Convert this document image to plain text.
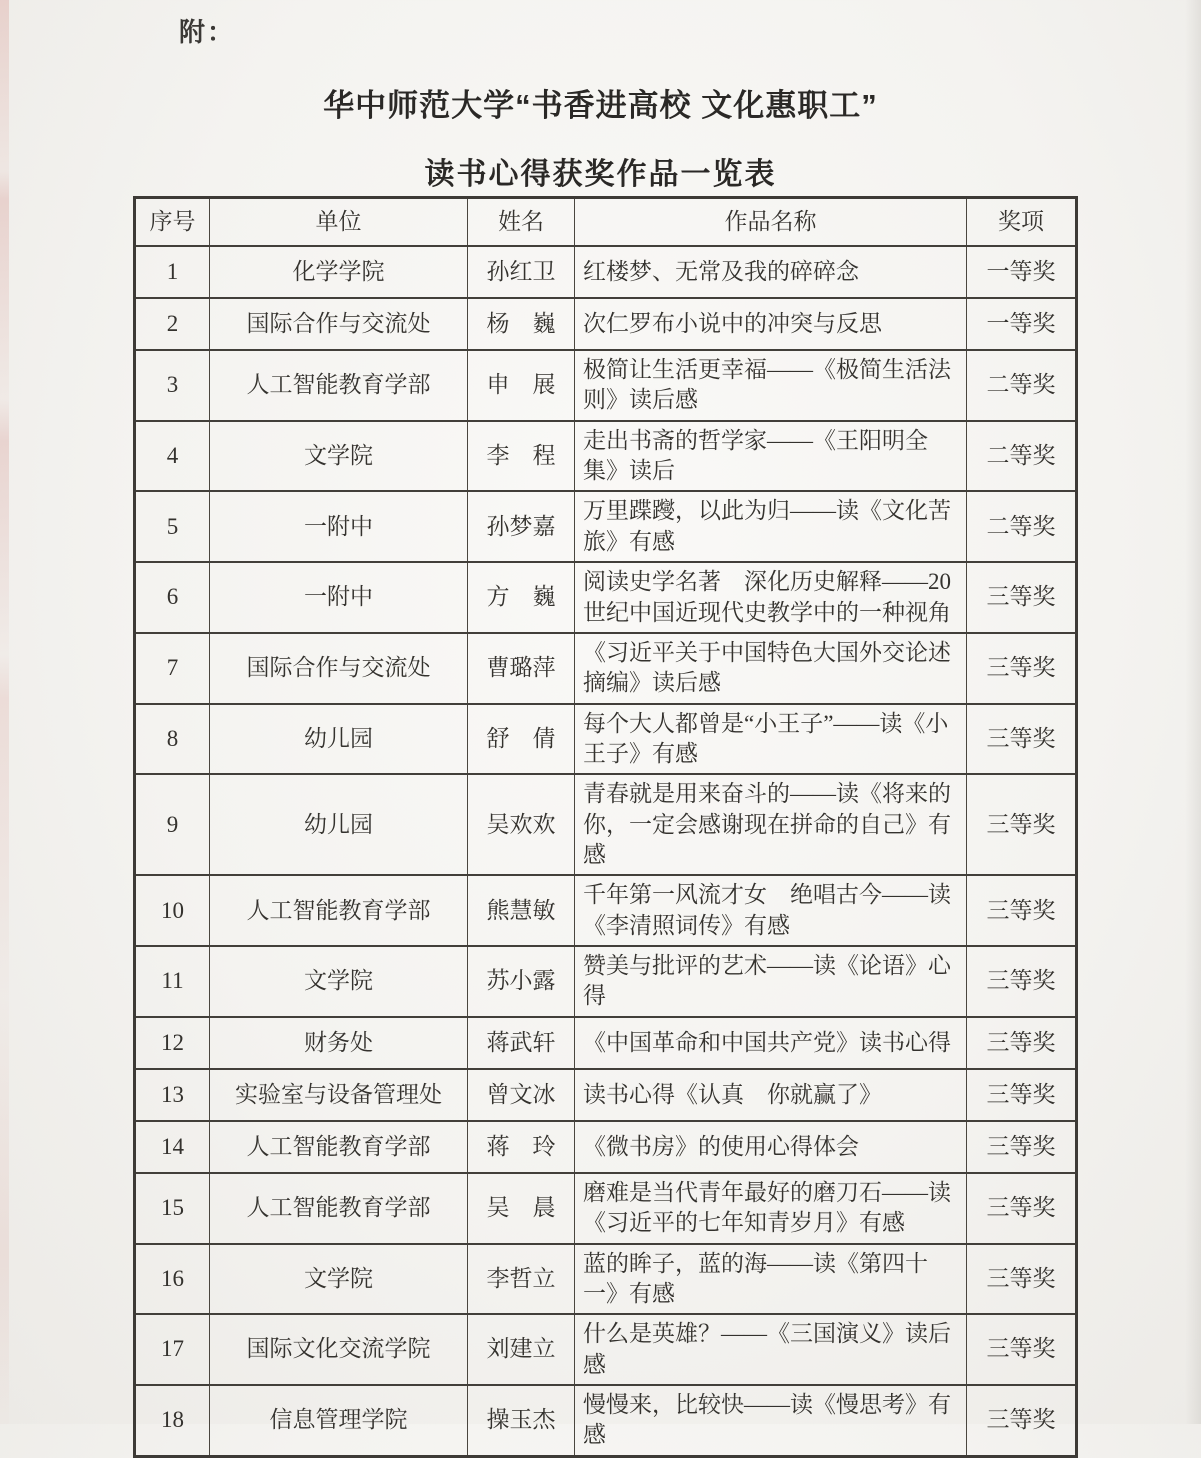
附：
华中师范大学“书香进高校 文化惠职工”
读书心得获奖作品一览表
序号	单位	姓名	作品名称	奖项
1	化学学院	孙红卫	红楼梦、无常及我的碎碎念	一等奖
2	国际合作与交流处	杨　巍	次仁罗布小说中的冲突与反思	一等奖
3	人工智能教育学部	申　展	极简让生活更幸福——《极简生活法则》读后感	二等奖
4	文学院	李　程	走出书斋的哲学家——《王阳明全集》读后	二等奖
5	一附中	孙梦嘉	万里蹀躞，以此为归——读《文化苦旅》有感	二等奖
6	一附中	方　巍	阅读史学名著　深化历史解释——20 世纪中国近现代史教学中的一种视角	三等奖
7	国际合作与交流处	曹璐萍	《习近平关于中国特色大国外交论述摘编》读后感	三等奖
8	幼儿园	舒　倩	每个大人都曾是“小王子”——读《小王子》有感	三等奖
9	幼儿园	吴欢欢	青春就是用来奋斗的——读《将来的你，一定会感谢现在拼命的自己》有感	三等奖
10	人工智能教育学部	熊慧敏	千年第一风流才女　绝唱古今——读《李清照词传》有感	三等奖
11	文学院	苏小露	赞美与批评的艺术——读《论语》心得	三等奖
12	财务处	蒋武轩	《中国革命和中国共产党》读书心得	三等奖
13	实验室与设备管理处	曾文冰	读书心得《认真　你就赢了》	三等奖
14	人工智能教育学部	蒋　玲	《微书房》的使用心得体会	三等奖
15	人工智能教育学部	吴　晨	磨难是当代青年最好的磨刀石——读《习近平的七年知青岁月》有感	三等奖
16	文学院	李哲立	蓝的眸子，蓝的海——读《第四十一》有感	三等奖
17	国际文化交流学院	刘建立	什么是英雄？——《三国演义》读后感	三等奖
18	信息管理学院	操玉杰	慢慢来，比较快——读《慢思考》有感	三等奖
